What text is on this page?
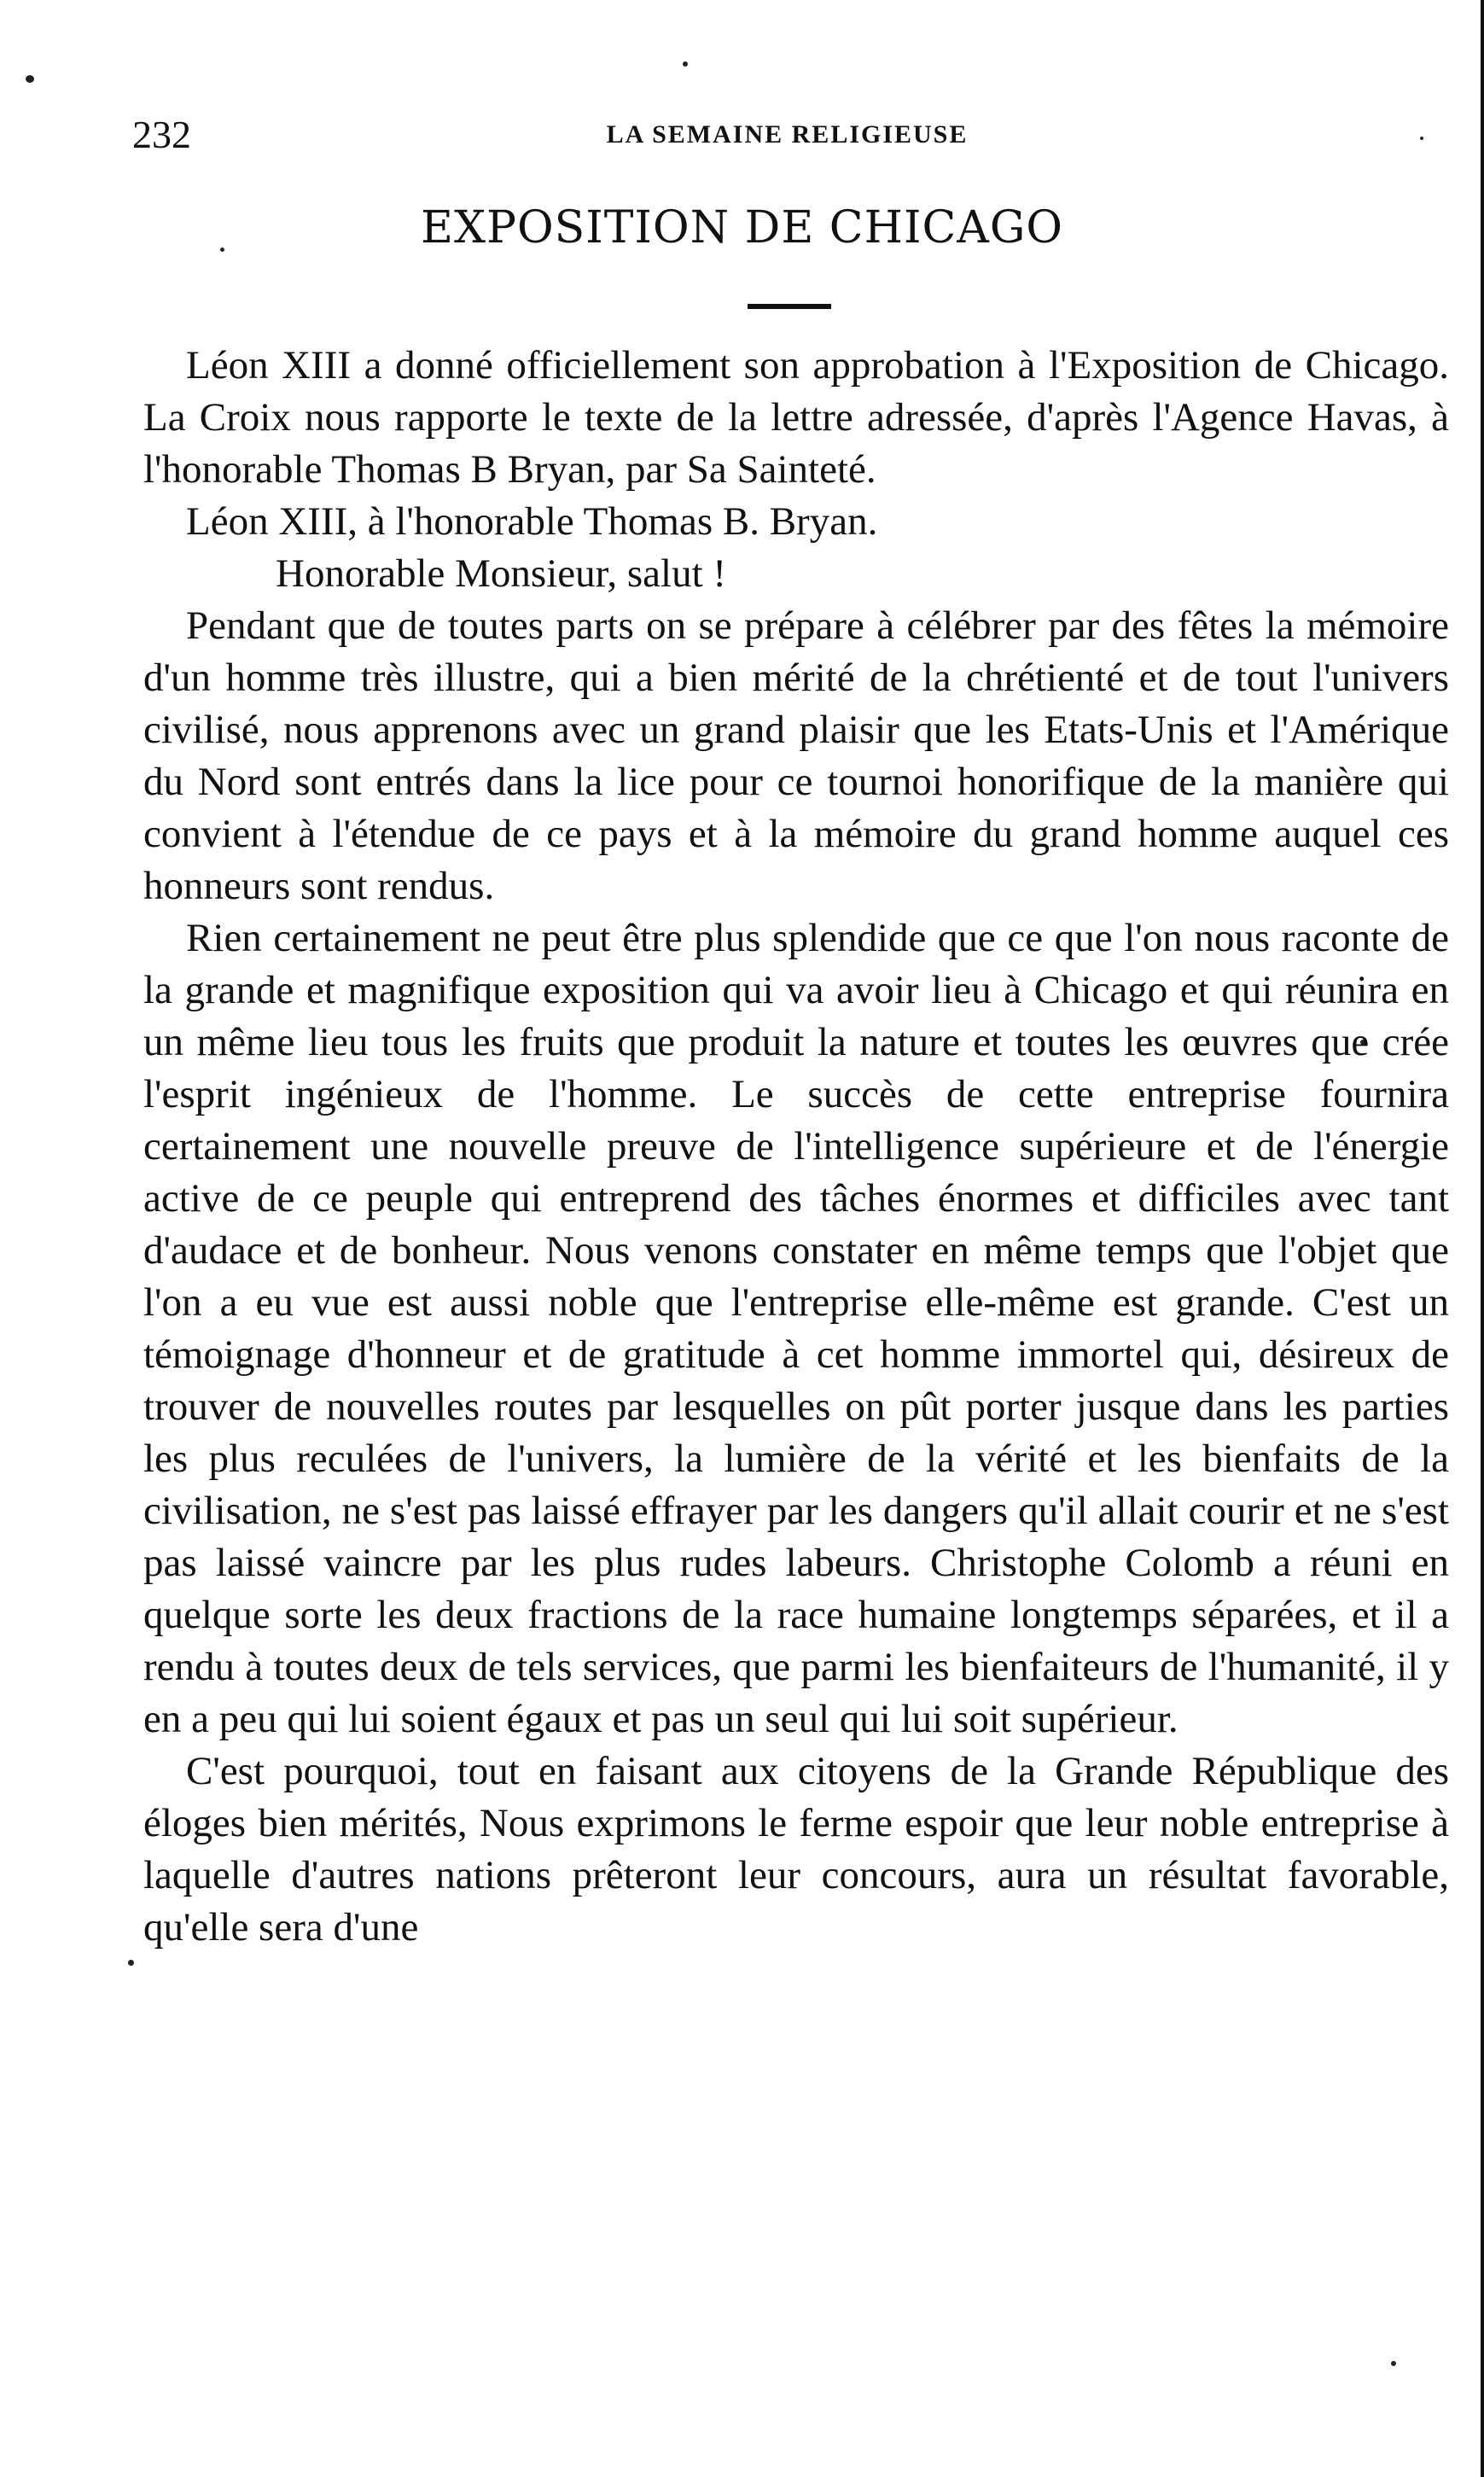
232	LA SEMAINE RELIGIEUSE
EXPOSITION DE CHICAGO

Léon XIII a donné officiellement son approbation à l'Exposition de Chicago. La Croix nous rapporte le texte de la lettre adressée, d'après l'Agence Havas, à l'honorable Thomas B Bryan, par Sa Sainteté.

Léon XIII, à l'honorable Thomas B. Bryan.

Honorable Monsieur, salut !

Pendant que de toutes parts on se prépare à célébrer par des fêtes la mémoire d'un homme très illustre, qui a bien mérité de la chrétienté et de tout l'univers civilisé, nous apprenons avec un grand plaisir que les Etats-Unis et l'Amérique du Nord sont entrés dans la lice pour ce tournoi honorifique de la manière qui convient à l'étendue de ce pays et à la mémoire du grand homme auquel ces honneurs sont rendus.

Rien certainement ne peut être plus splendide que ce que l'on nous raconte de la grande et magnifique exposition qui va avoir lieu à Chicago et qui réunira en un même lieu tous les fruits que produit la nature et toutes les œuvres que crée l'esprit ingénieux de l'homme. Le succès de cette entreprise fournira certainement une nouvelle preuve de l'intelligence supérieure et de l'énergie active de ce peuple qui entreprend des tâches énormes et difficiles avec tant d'audace et de bonheur. Nous venons constater en même temps que l'objet que l'on a eu vue est aussi noble que l'entreprise elle-même est grande. C'est un témoignage d'honneur et de gratitude à cet homme immortel qui, désireux de trouver de nouvelles routes par lesquelles on pût porter jusque dans les parties les plus reculées de l'univers, la lumière de la vérité et les bienfaits de la civilisation, ne s'est pas laissé effrayer par les dangers qu'il allait courir et ne s'est pas laissé vaincre par les plus rudes labeurs. Christophe Colomb a réuni en quelque sorte les deux fractions de la race humaine longtemps séparées, et il a rendu à toutes deux de tels services, que parmi les bienfaiteurs de l'humanité, il y en a peu qui lui soient égaux et pas un seul qui lui soit supérieur.

C'est pourquoi, tout en faisant aux citoyens de la Grande République des éloges bien mérités, Nous exprimons le ferme espoir que leur noble entreprise à laquelle d'autres nations prêteront leur concours, aura un résultat favorable, qu'elle sera d'une
